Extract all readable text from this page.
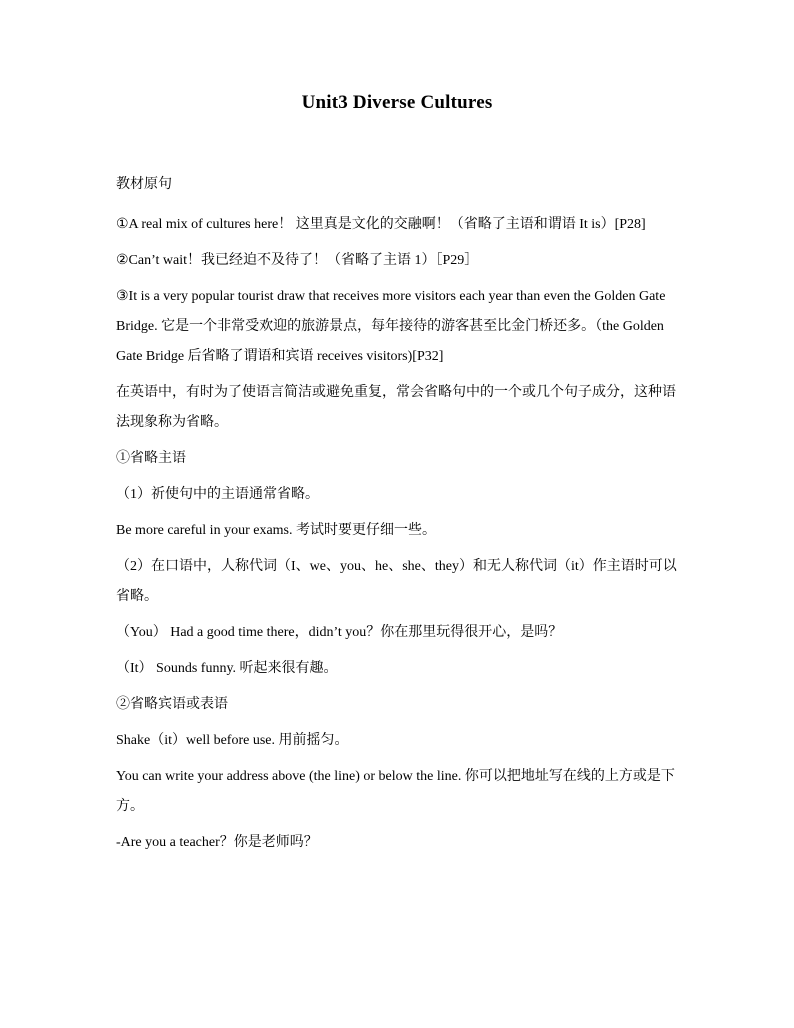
Unit3 Diverse Cultures

教材原句

①A real mix of cultures here！ 这里真是文化的交融啊！（省略了主语和谓语 It is）[P28]

②Can’t wait！我已经迫不及待了！（省略了主语 1）［P29］

③It is a very popular tourist draw that receives more visitors each year than even the Golden Gate Bridge. 它是一个非常受欢迎的旅游景点，每年接待的游客甚至比金门桥还多。（the Golden Gate Bridge 后省略了谓语和宾语 receives visitors)[P32]

在英语中，有时为了使语言简洁或避免重复，常会省略句中的一个或几个句子成分，这种语法现象称为省略。

①省略主语

（1）祈使句中的主语通常省略。

Be more careful in your exams. 考试时要更仔细一些。

（2）在口语中，人称代词（I、we、you、he、she、they）和无人称代词（it）作主语时可以省略。

（You） Had a good time there，didn’t you？你在那里玩得很开心，是吗？

（It） Sounds funny. 听起来很有趣。

②省略宾语或表语

Shake（it）well before use. 用前摇匀。

You can write your address above (the line) or below the line. 你可以把地址写在线的上方或是下方。

-Are you a teacher？你是老师吗？
